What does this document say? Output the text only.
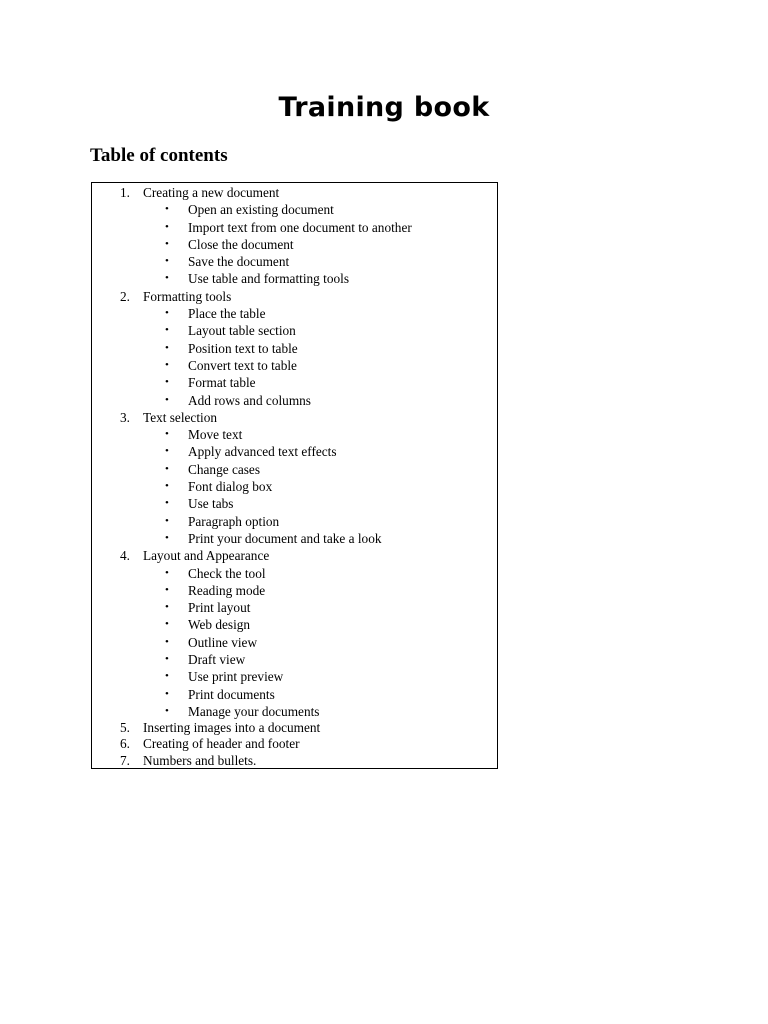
Training book
Table of contents
1. Creating a new document
• Open an existing document
• Import text from one document to another
• Close the document
• Save the document
• Use table and formatting tools
2. Formatting tools
• Place the table
• Layout table section
• Position text to table
• Convert text to table
• Format table
• Add rows and columns
3. Text selection
• Move text
• Apply advanced text effects
• Change cases
• Font dialog box
• Use tabs
• Paragraph option
• Print your document and take a look
4. Layout and Appearance
• Check the tool
• Reading mode
• Print layout
• Web design
• Outline view
• Draft view
• Use print preview
• Print documents
• Manage your documents
5. Inserting images into a document
6. Creating of header and footer
7. Numbers and bullets.
